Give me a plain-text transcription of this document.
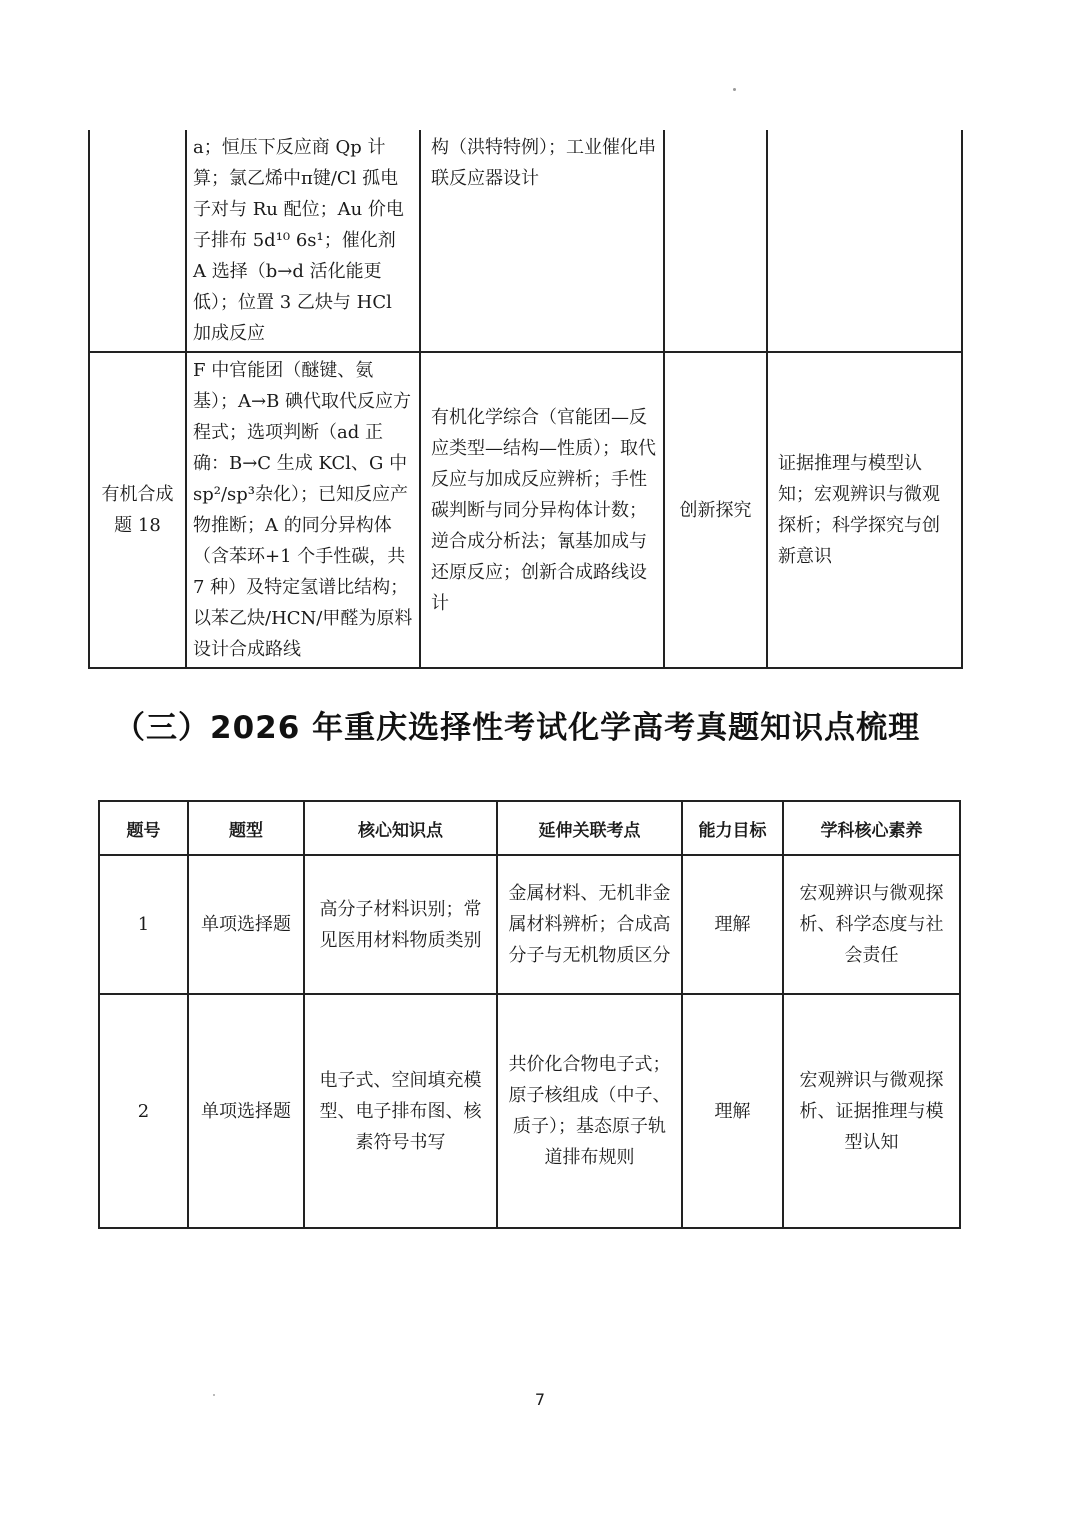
	a；恒压下反应商 Qp 计算；氯乙烯中π键/Cl 孤电子对与 Ru 配位；Au 价电子排布 5d¹⁰ 6s¹；催化剂 A 选择（b→d 活化能更低）；位置 3 乙炔与 HCl 加成反应	构（洪特特例）；工业催化串联反应器设计		

有机合成题 18	F 中官能团（醚键、氨基）；A→B 碘代取代反应方程式；选项判断（ad 正确：B→C 生成 KCl、G 中 sp²/sp³杂化）；已知反应产物推断；A 的同分异构体（含苯环+1 个手性碳，共 7 种）及特定氢谱比结构；以苯乙炔/HCN/甲醛为原料设计合成路线	有机化学综合（官能团—反应类型—结构—性质）；取代反应与加成反应辨析；手性碳判断与同分异构体计数；逆合成分析法；氰基加成与还原反应；创新合成路线设计	创新探究	证据推理与模型认知；宏观辨识与微观探析；科学探究与创新意识
（三）2026 年重庆选择性考试化学高考真题知识点梳理
题号	题型	核心知识点	延伸关联考点	能力目标	学科核心素养
1	单项选择题	高分子材料识别；常见医用材料物质类别	金属材料、无机非金属材料辨析；合成高分子与无机物质区分	理解	宏观辨识与微观探析、科学态度与社会责任

2	单项选择题	电子式、空间填充模型、电子排布图、核素符号书写	共价化合物电子式；原子核组成（中子、质子）；基态原子轨道排布规则	理解	宏观辨识与微观探析、证据推理与模型认知
7
